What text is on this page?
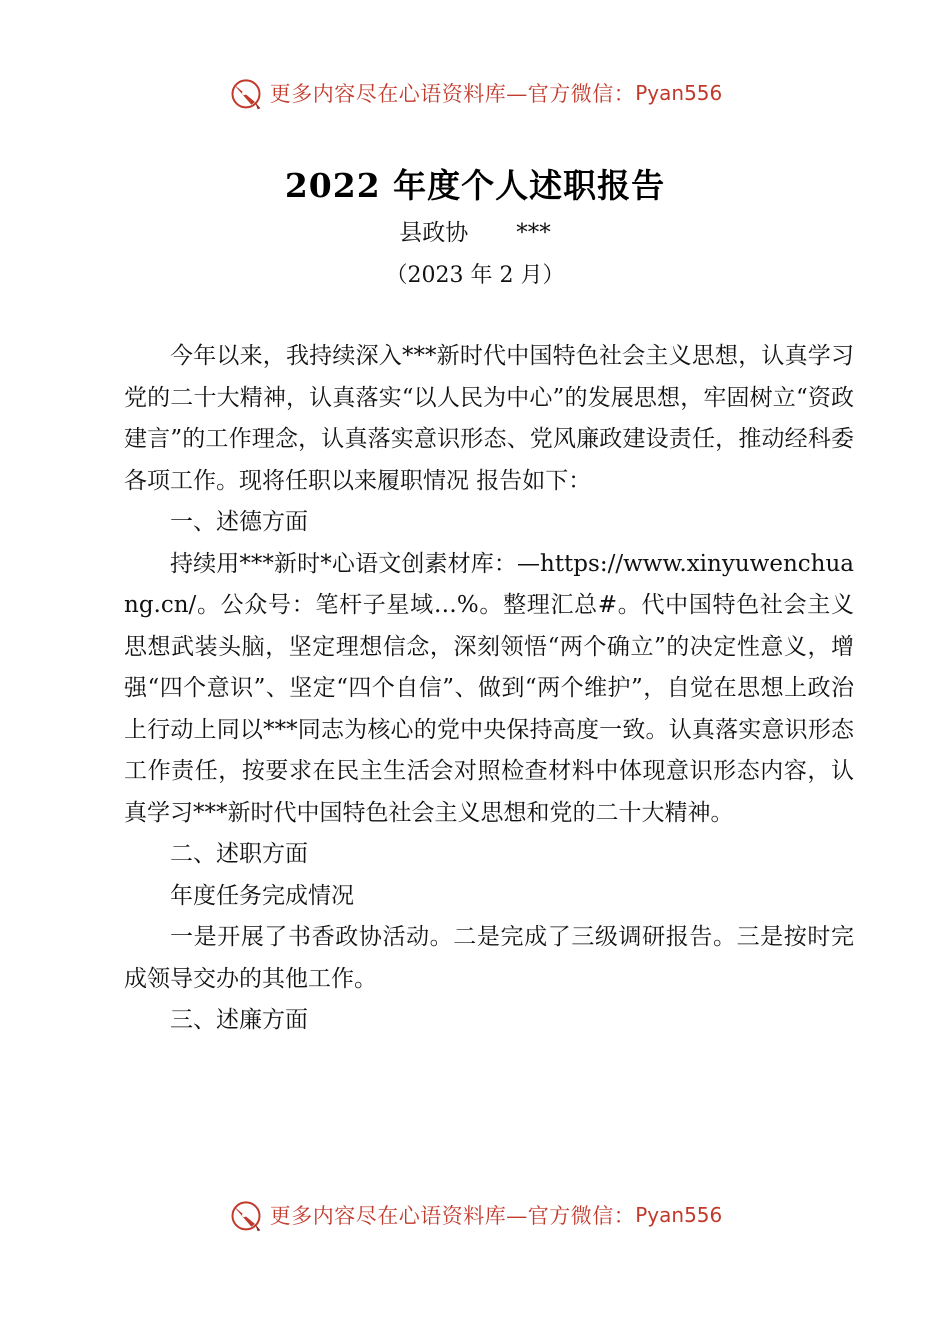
更多内容尽在心语资料库—官方微信： Pyan556
2022 年度个人述职报告
县政协 ***
（2023 年 2 月）

今年以来，我持续深入***新时代中国特色社会主义思想，认真学习党的二十大精神，认真落实“以人民为中心”的发展思想，牢固树立“资政建言”的工作理念，认真落实意识形态、党风廉政建设责任，推动经科委各项工作。现将任职以来履职情况 报告如下：

一、述德方面

持续用***新时*心语文创素材库：—https://www.xinyuwenchuang.cn/。公众号：笔杆子星域…%。整理汇总#。代中国特色社会主义思想武装头脑，坚定理想信念，深刻领悟“两个确立”的决定性意义，增强“四个意识”、坚定“四个自信”、做到“两个维护”，自觉在思想上政治上行动上同以***同志为核心的党中央保持高度一致。认真落实意识形态工作责任，按要求在民主生活会对照检查材料中体现意识形态内容，认真学习***新时代中国特色社会主义思想和党的二十大精神。

二、述职方面

年度任务完成情况

一是开展了书香政协活动。二是完成了三级调研报告。三是按时完成领导交办的其他工作。

三、述廉方面

更多内容尽在心语资料库—官方微信： Pyan556
